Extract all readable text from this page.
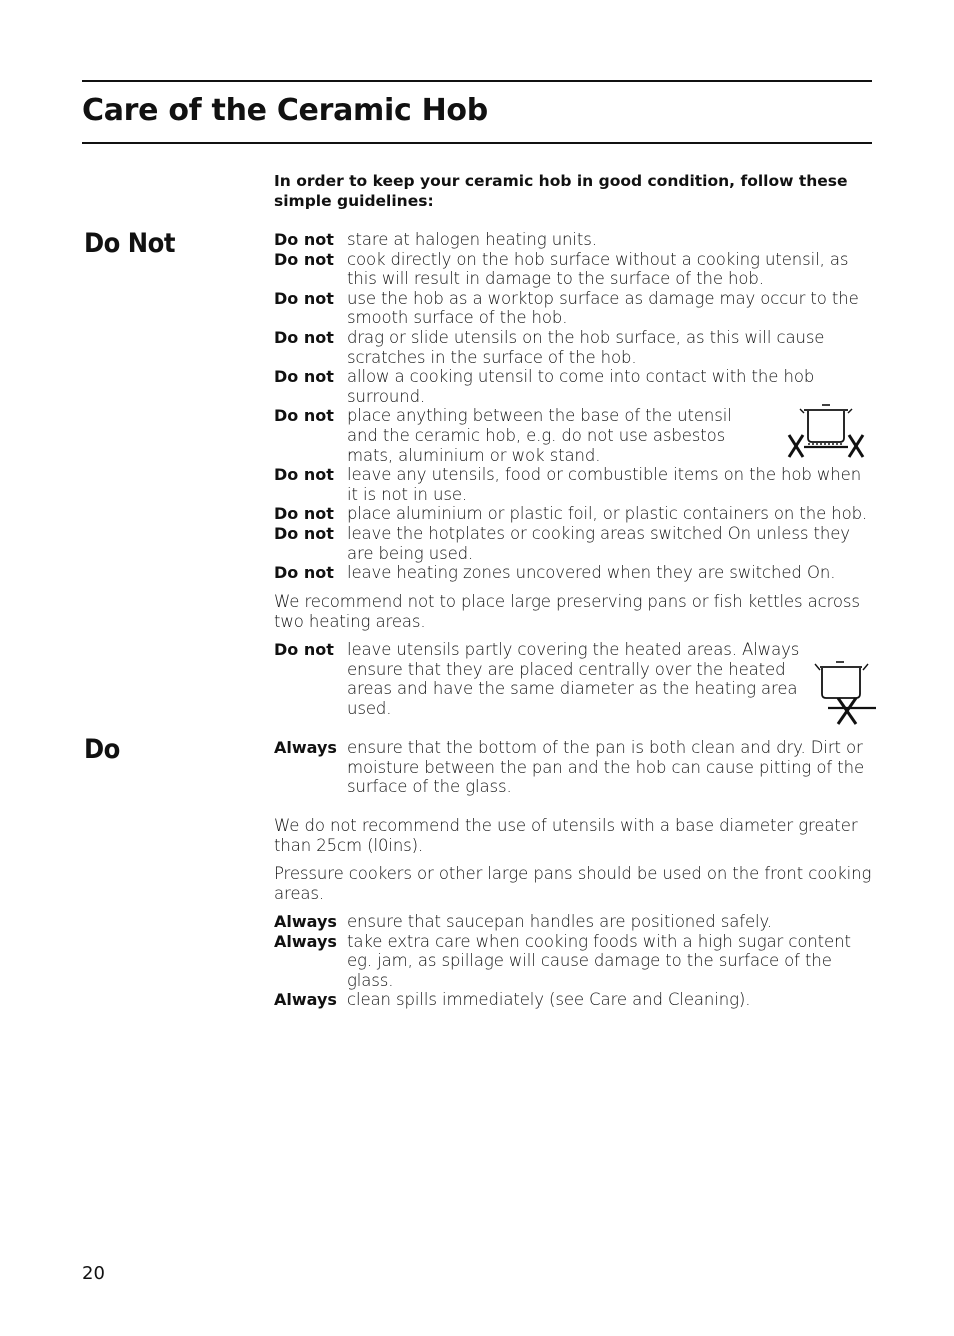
Care of the Ceramic Hob

In order to keep your ceramic hob in good condition, follow these simple guidelines:

Do Not
Do
Do not stare at halogen heating units.
Do not cook directly on the hob surface without a cooking utensil, as this will result in damage to the surface of the hob.
Do not use the hob as a worktop surface as damage may occur to the smooth surface of the hob.
Do not drag or slide utensils on the hob surface, as this will cause scratches in the surface of the hob.
Do not allow a cooking utensil to come into contact with the hob surround.
Do not place anything between the base of the utensil and the ceramic hob, e.g. do not use asbestos mats, aluminium or wok stand.
Do not leave any utensils, food or combustible items on the hob when it is not in use.
Do not place aluminium or plastic foil, or plastic containers on the hob.
Do not leave the hotplates or cooking areas switched On unless they are being used.
Do not leave heating zones uncovered when they are switched On.

We recommend not to place large preserving pans or fish kettles across two heating areas.

Do not leave utensils partly covering the heated areas. Always ensure that they are placed centrally over the heated areas and have the same diameter as the heating area used.
Always ensure that the bottom of the pan is both clean and dry. Dirt or moisture between the pan and the hob can cause pitting of the surface of the glass.

We do not recommend the use of utensils with a base diameter greater than 25cm (l0ins).

Pressure cookers or other large pans should be used on the front cooking areas.

Always ensure that saucepan handles are positioned safely.
Always take extra care when cooking foods with a high sugar content eg. jam, as spillage will cause damage to the surface of the glass.
Always clean spills immediately (see Care and Cleaning).

20
